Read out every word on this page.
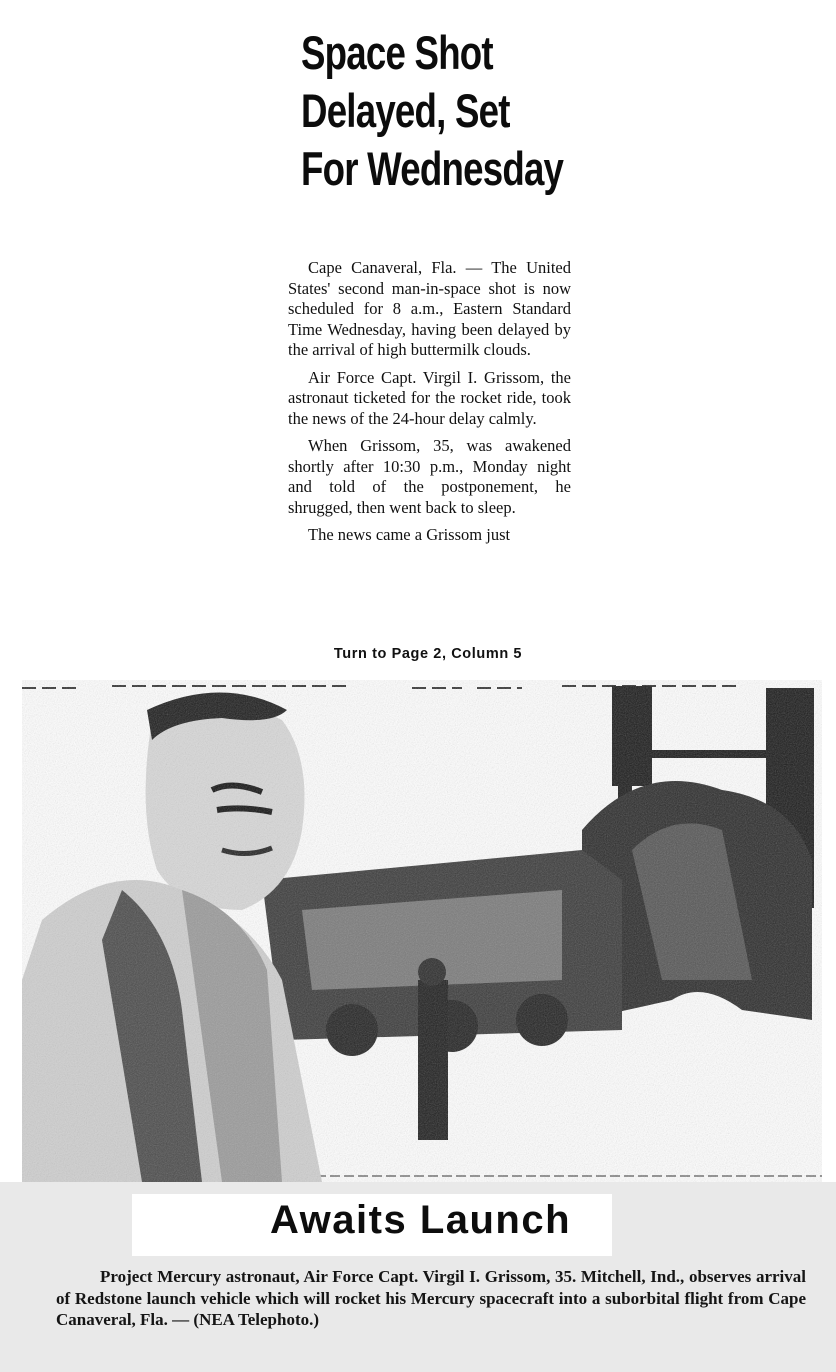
Space Shot
Delayed, Set
For Wednesday

Cape Canaveral, Fla. — The United States' second man-in-space shot is now scheduled for 8 a.m., Eastern Standard Time Wednesday, having been delayed by the arrival of high buttermilk clouds.

Air Force Capt. Virgil I. Grissom, the astronaut ticketed for the rocket ride, took the news of the 24-hour delay calmly.

When Grissom, 35, was awakened shortly after 10:30 p.m., Monday night and told of the postponement, he shrugged, then went back to sleep.

The news came a Grissom just

Turn to Page 2, Column 5
Awaits Launch
Project Mercury astronaut, Air Force Capt. Virgil I. Grissom, 35. Mitchell, Ind., observes arrival of Redstone launch vehicle which will rocket his Mercury spacecraft into a suborbital flight from Cape Canaveral, Fla. — (NEA Telephoto.)
